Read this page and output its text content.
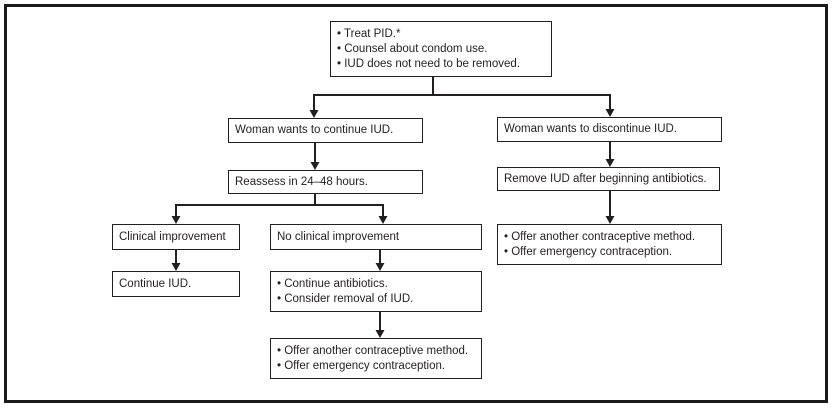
• Treat PID.*
• Counsel about condom use.
• IUD does not need to be removed.
Woman wants to continue IUD.	Woman wants to discontinue IUD.
Reassess in 24–48 hours.	Remove IUD after beginning antibiotics.
Clinical improvement	No clinical improvement
Continue IUD.	• Continue antibiotics.
• Consider removal of IUD.
• Offer another contraceptive method.
• Offer emergency contraception.
• Offer another contraceptive method.
• Offer emergency contraception.
